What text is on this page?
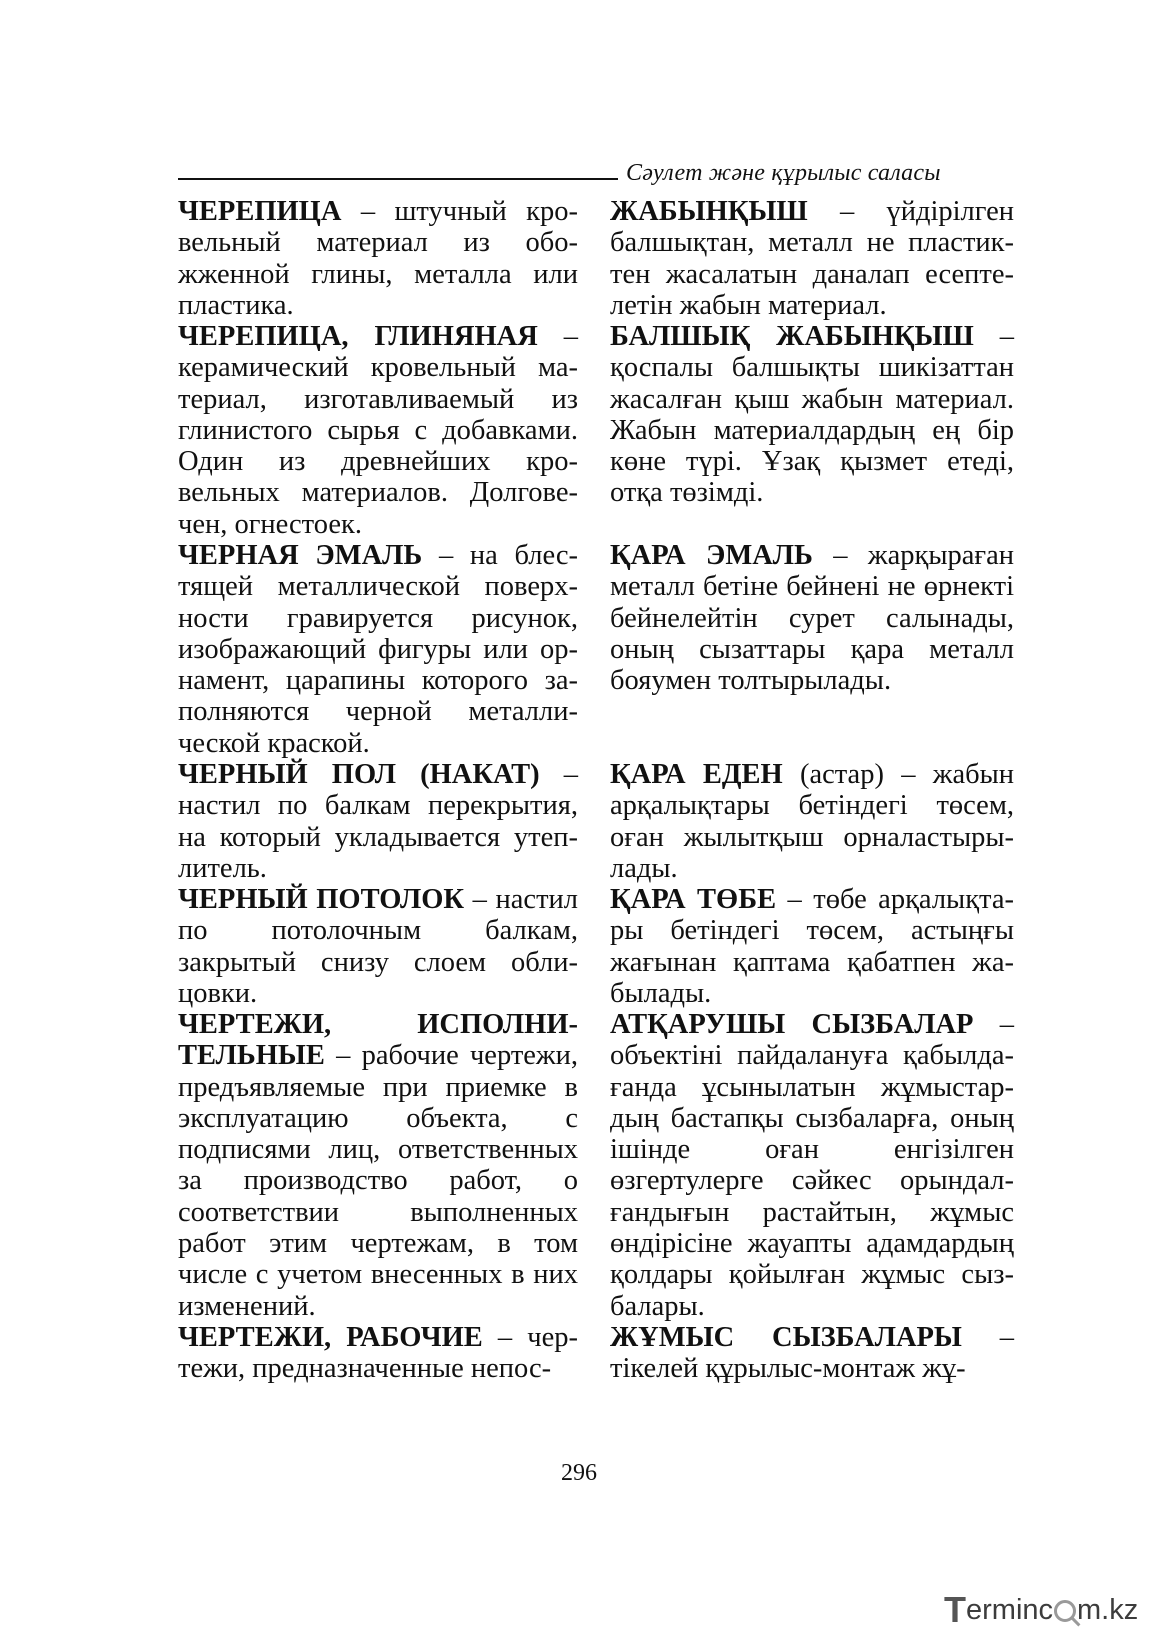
Сәулет және құрылыс саласы

ЧЕРЕПИЦА – штучный кровельный материал из обожженной глины, металла или пластика.

ЧЕРЕПИЦА, ГЛИНЯНАЯ – керамический кровельный материал, изготавливаемый из глинистого сырья с добавками. Один из древнейших кровельных материалов. Долговечен, огнестоек.

ЧЕРНАЯ ЭМАЛЬ – на блестящей металлической поверхности гравируется рисунок, изображающий фигуры или орнамент, царапины которого заполняются черной металлической краской.

ЧЕРНЫЙ ПОЛ (НАКАТ) – настил по балкам перекрытия, на который укладывается утеплитель.

ЧЕРНЫЙ ПОТОЛОК – настил по потолочным балкам, закрытый снизу слоем облицовки.

ЧЕРТЕЖИ, ИСПОЛНИТЕЛЬНЫЕ – рабочие чертежи, предъявляемые при приемке в эксплуатацию объекта, с подписями лиц, ответственных за производство работ, о соответствии выполненных работ этим чертежам, в том числе с учетом внесенных в них изменений.

ЧЕРТЕЖИ, РАБОЧИЕ – чертежи, предназначенные непос-

ЖАБЫНҚЫШ – үйдірілген балшықтан, металл не пластиктен жасалатын даналап есептелетін жабын материал.

БАЛШЫҚ ЖАБЫНҚЫШ – қоспалы балшықты шикізаттан жасалған қыш жабын материал. Жабын материалдардың ең бір көне түрі. Ұзақ қызмет етеді, отқа төзімді.

ҚАРА ЭМАЛЬ – жарқыраған металл бетіне бейнені не өрнекті бейнелейтін сурет салынады, оның сызаттары қара металл бояумен толтырылады.

ҚАРА ЕДЕН (астар) – жабын арқалықтары бетіндегі төсем, оған жылытқыш орналастырылады.

ҚАРА ТӨБЕ – төбе арқалықтары бетіндегі төсем, астыңғы жағынан қаптама қабатпен жабылады.

АТҚАРУШЫ СЫЗБАЛАР – объектіні пайдалануға қабылдағанда ұсынылатын жұмыстардың бастапқы сызбаларға, оның ішінде оған енгізілген өзгертулерге сәйкес орындалғандығын растайтын, жұмыс өндірісіне жауапты адамдардың қолдары қойылған жұмыс сызбалары.

ЖҰМЫС СЫЗБАЛАРЫ – тікелей құрылыс-монтаж жұ-

296
Terminc m.kz
